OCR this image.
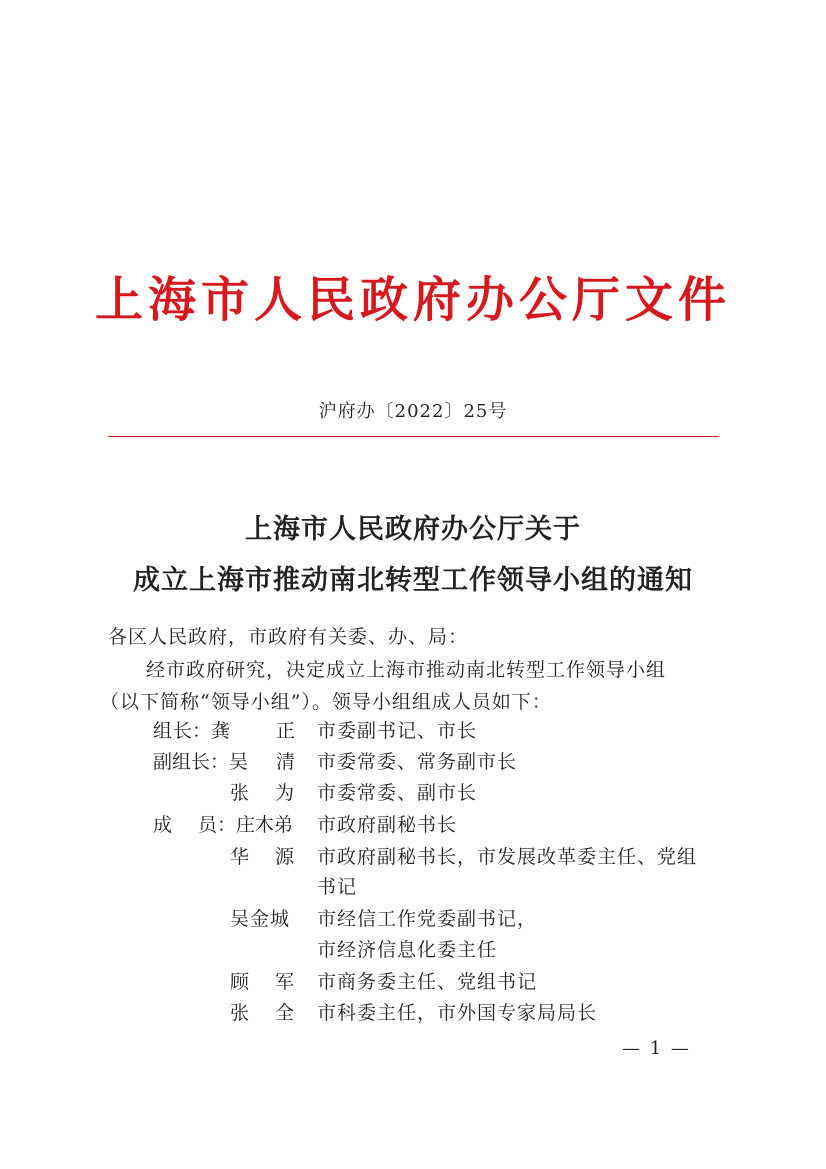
上海市人民政府办公厅文件
沪府办〔2022〕25号
上海市人民政府办公厅关于
成立上海市推动南北转型工作领导小组的通知
各区人民政府，市政府有关委、办、局：
经市政府研究，决定成立上海市推动南北转型工作领导小组
（以下简称“领导小组”）。领导小组组成人员如下：
组 长：龚 正	市委副书记、市长
副组长：吴 清	市委常委、常务副市长
张 为 市委常委、副市长
成 员：庄木弟 市政府副秘书长
华 源 市政府副秘书长，市发展改革委主任、党组
书记
吴金城 市经信工作党委副书记，
市经济信息化委主任
顾 军 市商务委主任、党组书记
张 全 市科委主任，市外国专家局局长
— 1 —
